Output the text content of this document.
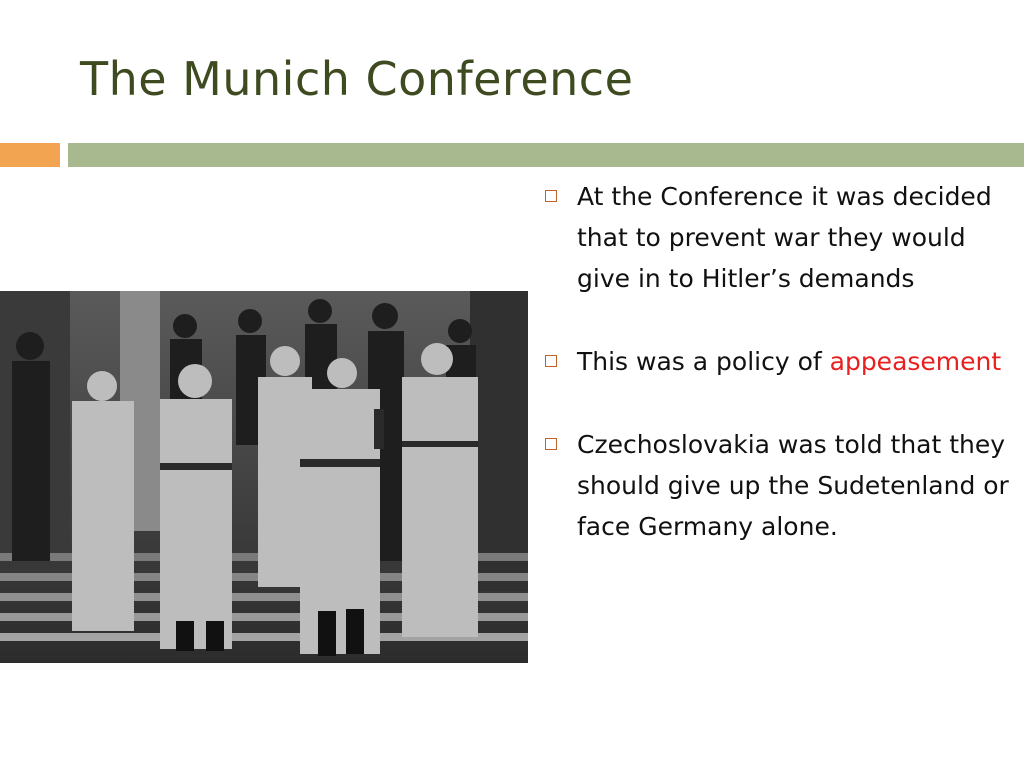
The Munich Conference
At the Conference it was decided that to prevent war they would give in to Hitler’s demands
This was a policy of appeasement
Czechoslovakia was told that they should give up the Sudetenland or face Germany alone.
